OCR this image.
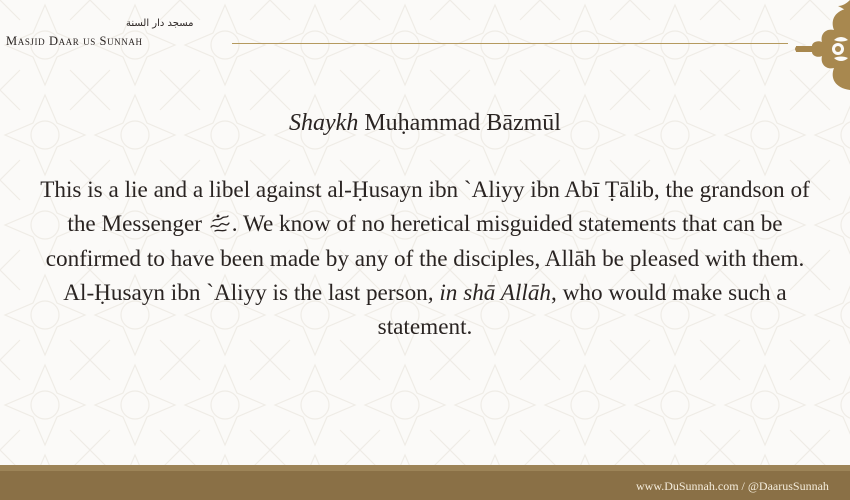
مسجد دار السنة
Masjid Daar us Sunnah

Shaykh Muḥammad Bāzmūl

This is a lie and a libel against al-Ḥusayn ibn `Aliyy ibn Abī Ṭālib, the grandson of the Messenger . We know of no heretical misguided statements that can be confirmed to have been made by any of the disciples, Allāh be pleased with them. Al-Ḥusayn ibn `Aliyy is the last person, in shā Allāh, who would make such a statement.

www.DuSunnah.com / @DaarusSunnah
